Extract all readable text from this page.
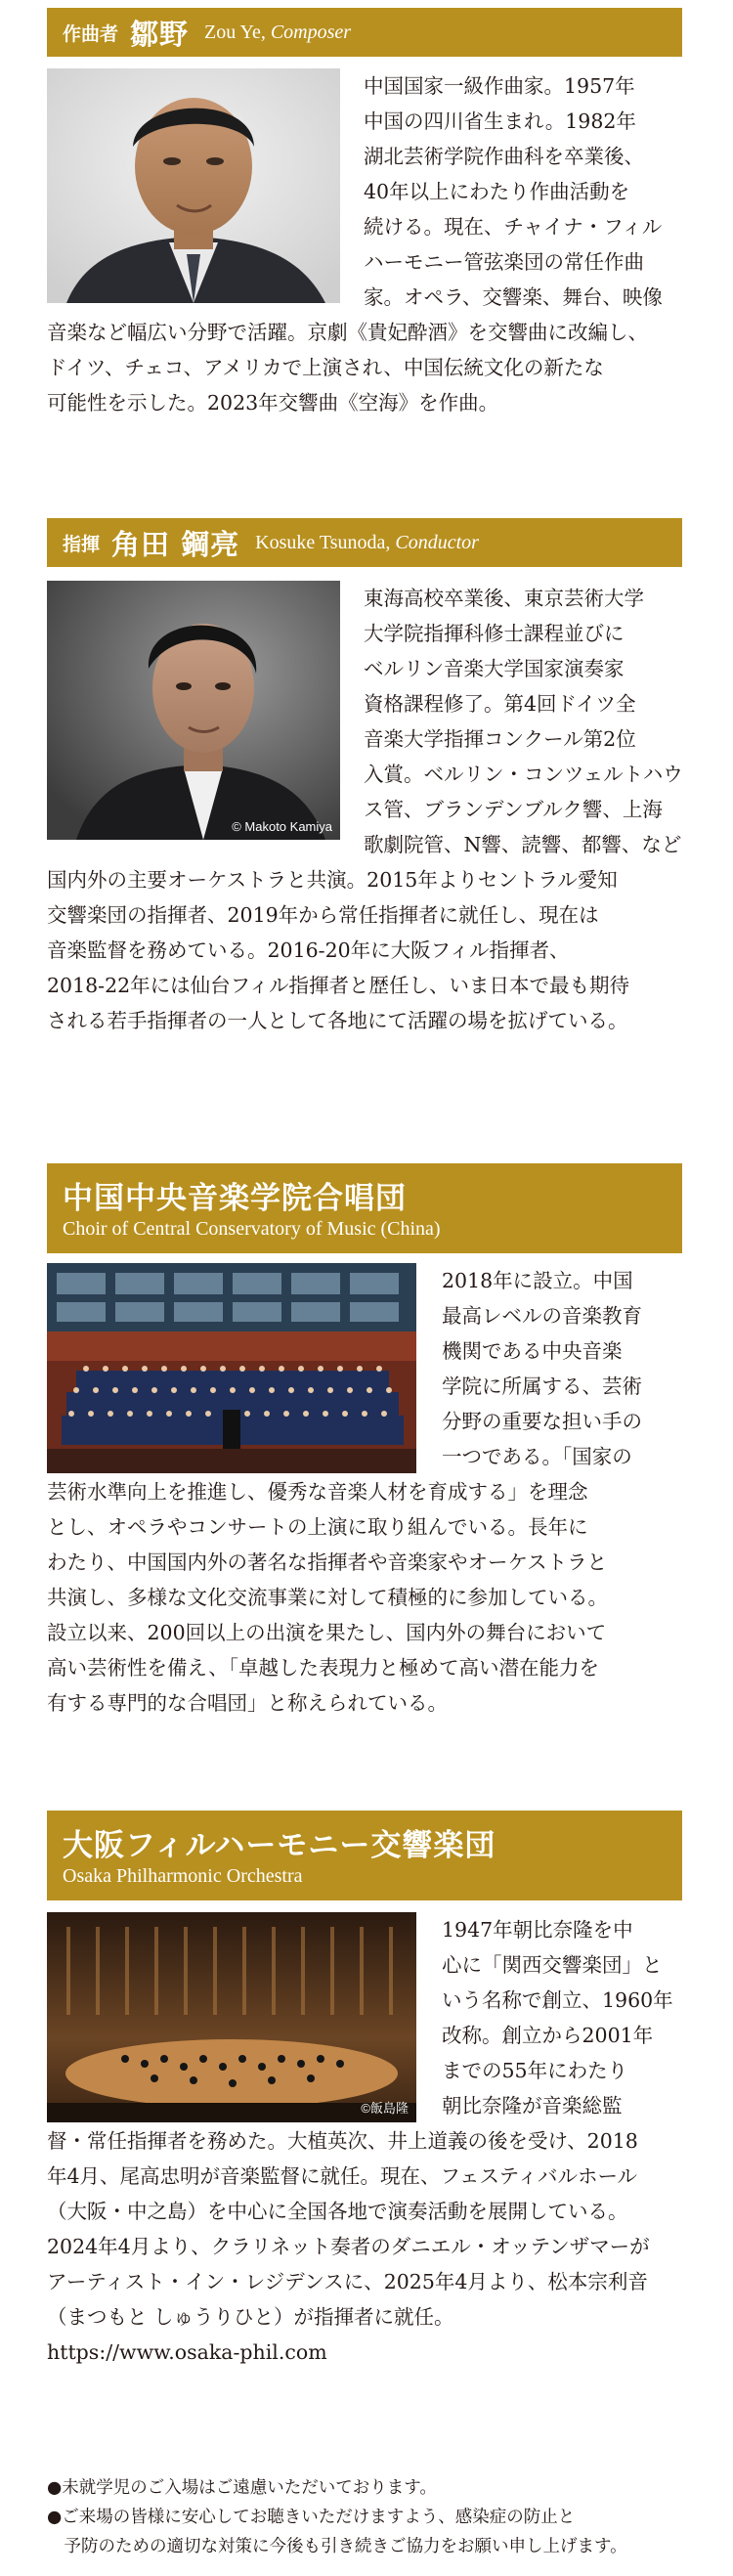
作曲者 鄒野 Zou Ye, Composer
中国国家一級作曲家。1957年
中国の四川省生まれ。1982年
湖北芸術学院作曲科を卒業後、
40年以上にわたり作曲活動を
続ける。現在、チャイナ・フィル
ハーモニー管弦楽団の常任作曲
家。オペラ、交響楽、舞台、映像
音楽など幅広い分野で活躍。京劇《貴妃酔酒》を交響曲に改編し、
ドイツ、チェコ、アメリカで上演され、中国伝統文化の新たな
可能性を示した。2023年交響曲《空海》を作曲。
指揮 角田 鋼亮 Kosuke Tsunoda, Conductor
© Makoto Kamiya
東海高校卒業後、東京芸術大学
大学院指揮科修士課程並びに
ベルリン音楽大学国家演奏家
資格課程修了。第4回ドイツ全
音楽大学指揮コンクール第2位
入賞。ベルリン・コンツェルトハウ
ス管、ブランデンブルク響、上海
歌劇院管、N響、読響、都響、など
国内外の主要オーケストラと共演。2015年よりセントラル愛知
交響楽団の指揮者、2019年から常任指揮者に就任し、現在は
音楽監督を務めている。2016-20年に大阪フィル指揮者、
2018-22年には仙台フィル指揮者と歴任し、いま日本で最も期待
される若手指揮者の一人として各地にて活躍の場を拡げている。
中国中央音楽学院合唱団
Choir of Central Conservatory of Music (China)
2018年に設立。中国
最高レベルの音楽教育
機関である中央音楽
学院に所属する、芸術
分野の重要な担い手の
一つである。「国家の
芸術水準向上を推進し、優秀な音楽人材を育成する」を理念
とし、オペラやコンサートの上演に取り組んでいる。長年に
わたり、中国国内外の著名な指揮者や音楽家やオーケストラと
共演し、多様な文化交流事業に対して積極的に参加している。
設立以来、200回以上の出演を果たし、国内外の舞台において
高い芸術性を備え、「卓越した表現力と極めて高い潜在能力を
有する専門的な合唱団」と称えられている。
大阪フィルハーモニー交響楽団
Osaka Philharmonic Orchestra
©飯島隆
1947年朝比奈隆を中
心に「関西交響楽団」と
いう名称で創立、1960年
改称。創立から2001年
までの55年にわたり
朝比奈隆が音楽総監
督・常任指揮者を務めた。大植英次、井上道義の後を受け、2018
年4月、尾高忠明が音楽監督に就任。現在、フェスティバルホール
（大阪・中之島）を中心に全国各地で演奏活動を展開している。
2024年4月より、クラリネット奏者のダニエル・オッテンザマーが
アーティスト・イン・レジデンスに、2025年4月より、松本宗利音
（まつもと しゅうりひと）が指揮者に就任。
https://www.osaka-phil.com
●未就学児のご入場はご遠慮いただいております。
●ご来場の皆様に安心してお聴きいただけますよう、感染症の防止と
　予防のための適切な対策に今後も引き続きご協力をお願い申し上げます。
